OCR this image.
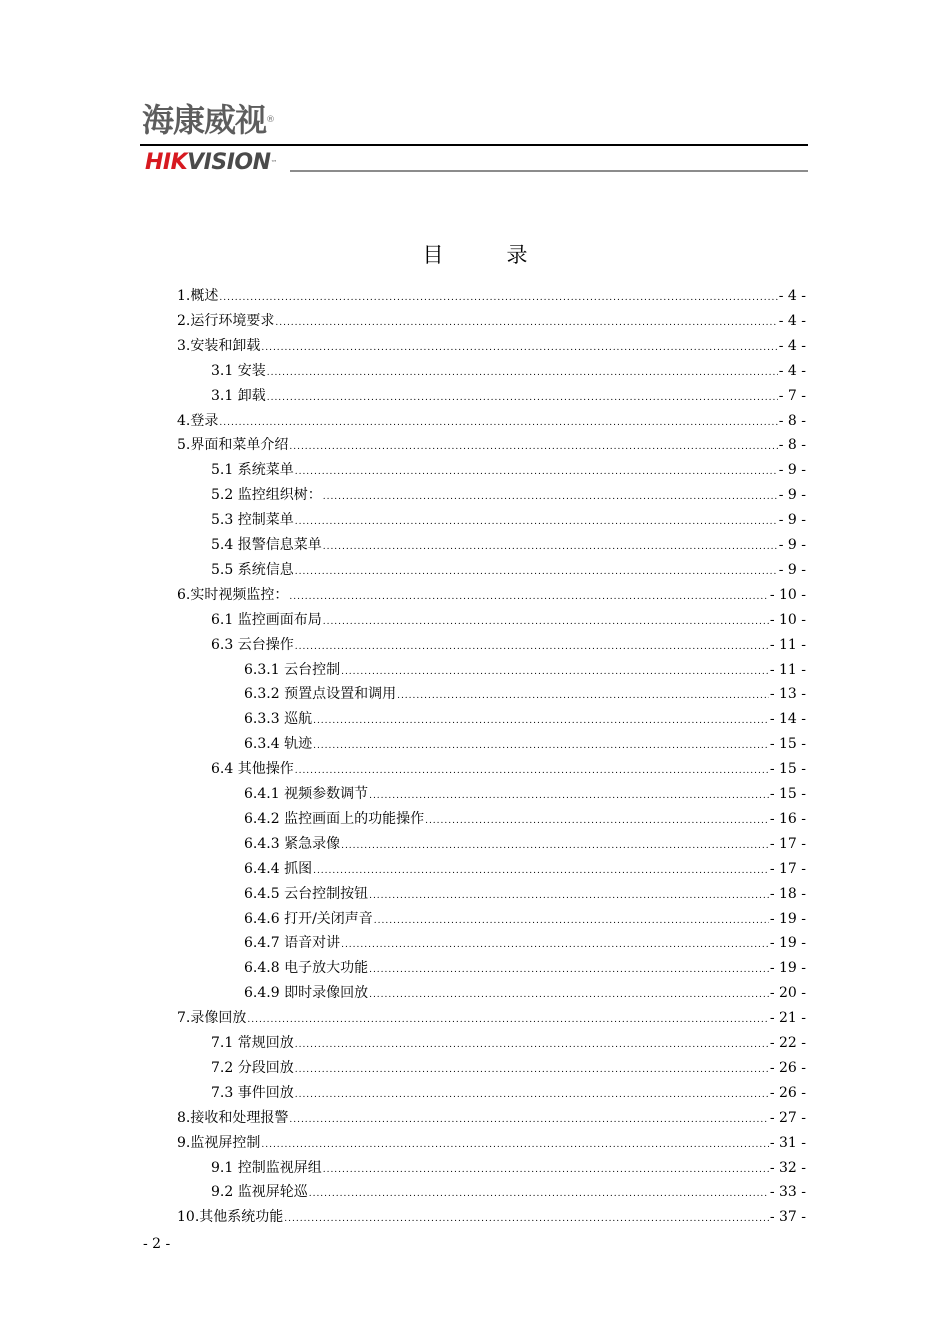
海康威视®
HIKVISION™
目　　　录
1.概述 .....	- 4 -
2.运行环境要求 .....	- 4 -
3.安装和卸载 .....	- 4 -
3.1 安装 .....	- 4 -
3.1 卸载 .....	- 7 -
4.登录 .....	- 8 -
5.界面和菜单介绍 .....	- 8 -
5.1 系统菜单 .....	- 9 -
5.2 监控组织树： .....	- 9 -
5.3 控制菜单 .....	- 9 -
5.4 报警信息菜单 .....	- 9 -
5.5 系统信息 .....	- 9 -
6.实时视频监控： .....	- 10 -
6.1 监控画面布局 .....	- 10 -
6.3 云台操作 .....	- 11 -
6.3.1 云台控制 .....	- 11 -
6.3.2 预置点设置和调用 .....	- 13 -
6.3.3 巡航 .....	- 14 -
6.3.4 轨迹 .....	- 15 -
6.4 其他操作 .....	- 15 -
6.4.1 视频参数调节 .....	- 15 -
6.4.2 监控画面上的功能操作 .....	- 16 -
6.4.3 紧急录像 .....	- 17 -
6.4.4 抓图 .....	- 17 -
6.4.5 云台控制按钮 .....	- 18 -
6.4.6 打开/关闭声音 .....	- 19 -
6.4.7 语音对讲 .....	- 19 -
6.4.8 电子放大功能 .....	- 19 -
6.4.9 即时录像回放 .....	- 20 -
7.录像回放 .....	- 21 -
7.1 常规回放 .....	- 22 -
7.2 分段回放 .....	- 26 -
7.3 事件回放 .....	- 26 -
8.接收和处理报警 .....	- 27 -
9.监视屏控制 .....	- 31 -
9.1 控制监视屏组 .....	- 32 -
9.2 监视屏轮巡 .....	- 33 -
10.其他系统功能 .....	- 37 -
- 2 -
